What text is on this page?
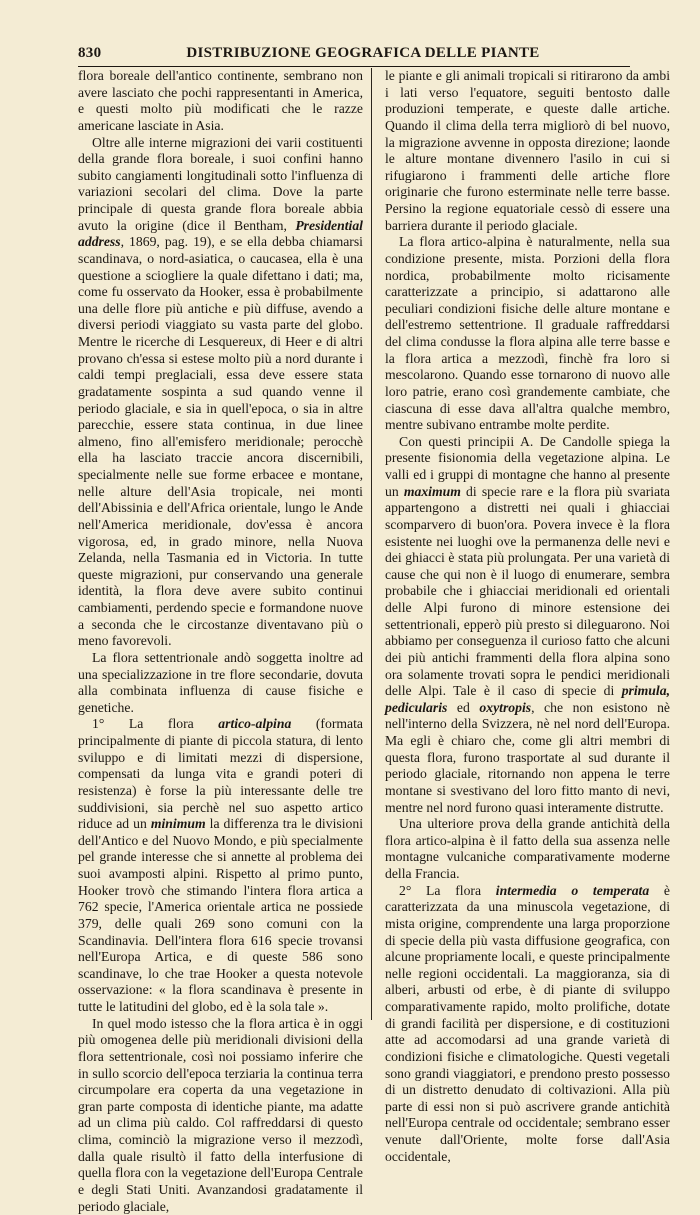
830	DISTRIBUZIONE GEOGRAFICA DELLE PIANTE

flora boreale dell'antico continente, sembrano non avere lasciato che pochi rappresentanti in America, e questi molto più modificati che le razze americane lasciate in Asia.

Oltre alle interne migrazioni dei varii costituenti della grande flora boreale, i suoi confini hanno subito cangiamenti longitudinali sotto l'influenza di variazioni secolari del clima. Dove la parte principale di questa grande flora boreale abbia avuto la origine (dice il Bentham, Presidential address, 1869, pag. 19), e se ella debba chiamarsi scandinava, o nord-asiatica, o caucasea, ella è una questione a sciogliere la quale difettano i dati; ma, come fu osservato da Hooker, essa è probabilmente una delle flore più antiche e più diffuse, avendo a diversi periodi viaggiato su vasta parte del globo. Mentre le ricerche di Lesquereux, di Heer e di altri provano ch'essa si estese molto più a nord durante i caldi tempi preglaciali, essa deve essere stata gradatamente sospinta a sud quando venne il periodo glaciale, e sia in quell'epoca, o sia in altre parecchie, essere stata continua, in due linee almeno, fino all'emisfero meridionale; perocchè ella ha lasciato traccie ancora discernibili, specialmente nelle sue forme erbacee e montane, nelle alture dell'Asia tropicale, nei monti dell'Abissinia e dell'Africa orientale, lungo le Ande nell'America meridionale, dov'essa è ancora vigorosa, ed, in grado minore, nella Nuova Zelanda, nella Tasmania ed in Victoria. In tutte queste migrazioni, pur conservando una generale identità, la flora deve avere subito continui cambiamenti, perdendo specie e formandone nuove a seconda che le circostanze diventavano più o meno favorevoli.

La flora settentrionale andò soggetta inoltre ad una specializzazione in tre flore secondarie, dovuta alla combinata influenza di cause fisiche e genetiche.

1° La flora artico-alpina (formata principalmente di piante di piccola statura, di lento sviluppo e di limitati mezzi di dispersione, compensati da lunga vita e grandi poteri di resistenza) è forse la più interessante delle tre suddivisioni, sia perchè nel suo aspetto artico riduce ad un minimum la differenza tra le divisioni dell'Antico e del Nuovo Mondo, e più specialmente pel grande interesse che si annette al problema dei suoi avamposti alpini. Rispetto al primo punto, Hooker trovò che stimando l'intera flora artica a 762 specie, l'America orientale artica ne possiede 379, delle quali 269 sono comuni con la Scandinavia. Dell'intera flora 616 specie trovansi nell'Europa Artica, e di queste 586 sono scandinave, lo che trae Hooker a questa notevole osservazione: « la flora scandinava è presente in tutte le latitudini del globo, ed è la sola tale ».

In quel modo istesso che la flora artica è in oggi più omogenea delle più meridionali divisioni della flora settentrionale, così noi possiamo inferire che in sullo scorcio dell'epoca terziaria la continua terra circumpolare era coperta da una vegetazione in gran parte composta di identiche piante, ma adatte ad un clima più caldo. Col raffreddarsi di questo clima, cominciò la migrazione verso il mezzodì, dalla quale risultò il fatto della interfusione di quella flora con la vegetazione dell'Europa Centrale e degli Stati Uniti. Avanzandosi gradatamente il periodo glaciale,

le piante e gli animali tropicali si ritirarono da ambi i lati verso l'equatore, seguiti bentosto dalle produzioni temperate, e queste dalle artiche. Quando il clima della terra migliorò di bel nuovo, la migrazione avvenne in opposta direzione; laonde le alture montane divennero l'asilo in cui si rifugiarono i frammenti delle artiche flore originarie che furono esterminate nelle terre basse. Persino la regione equatoriale cessò di essere una barriera durante il periodo glaciale.

La flora artico-alpina è naturalmente, nella sua condizione presente, mista. Porzioni della flora nordica, probabilmente molto ricisamente caratterizzate a principio, si adattarono alle peculiari condizioni fisiche delle alture montane e dell'estremo settentrione. Il graduale raffreddarsi del clima condusse la flora alpina alle terre basse e la flora artica a mezzodì, finchè fra loro si mescolarono. Quando esse tornarono di nuovo alle loro patrie, erano così grandemente cambiate, che ciascuna di esse dava all'altra qualche membro, mentre subivano entrambe molte perdite.

Con questi principii A. De Candolle spiega la presente fisionomia della vegetazione alpina. Le valli ed i gruppi di montagne che hanno al presente un maximum di specie rare e la flora più svariata appartengono a distretti nei quali i ghiacciai scomparvero di buon'ora. Povera invece è la flora esistente nei luoghi ove la permanenza delle nevi e dei ghiacci è stata più prolungata. Per una varietà di cause che qui non è il luogo di enumerare, sembra probabile che i ghiacciai meridionali ed orientali delle Alpi furono di minore estensione dei settentrionali, epperò più presto si dileguarono. Noi abbiamo per conseguenza il curioso fatto che alcuni dei più antichi frammenti della flora alpina sono ora solamente trovati sopra le pendici meridionali delle Alpi. Tale è il caso di specie di primula, pedicularis ed oxytropis, che non esistono nè nell'interno della Svizzera, nè nel nord dell'Europa. Ma egli è chiaro che, come gli altri membri di questa flora, furono trasportate al sud durante il periodo glaciale, ritornando non appena le terre montane si svestivano del loro fitto manto di nevi, mentre nel nord furono quasi interamente distrutte.

Una ulteriore prova della grande antichità della flora artico-alpina è il fatto della sua assenza nelle montagne vulcaniche comparativamente moderne della Francia.

2° La flora intermedia o temperata è caratterizzata da una minuscola vegetazione, di mista origine, comprendente una larga proporzione di specie della più vasta diffusione geografica, con alcune propriamente locali, e queste principalmente nelle regioni occidentali. La maggioranza, sia di alberi, arbusti od erbe, è di piante di sviluppo comparativamente rapido, molto prolifiche, dotate di grandi facilità per dispersione, e di costituzioni atte ad accomodarsi ad una grande varietà di condizioni fisiche e climatologiche. Questi vegetali sono grandi viaggiatori, e prendono presto possesso di un distretto denudato di coltivazioni. Alla più parte di essi non si può ascrivere grande antichità nell'Europa centrale od occidentale; sembrano esser venute dall'Oriente, molte forse dall'Asia occidentale,
